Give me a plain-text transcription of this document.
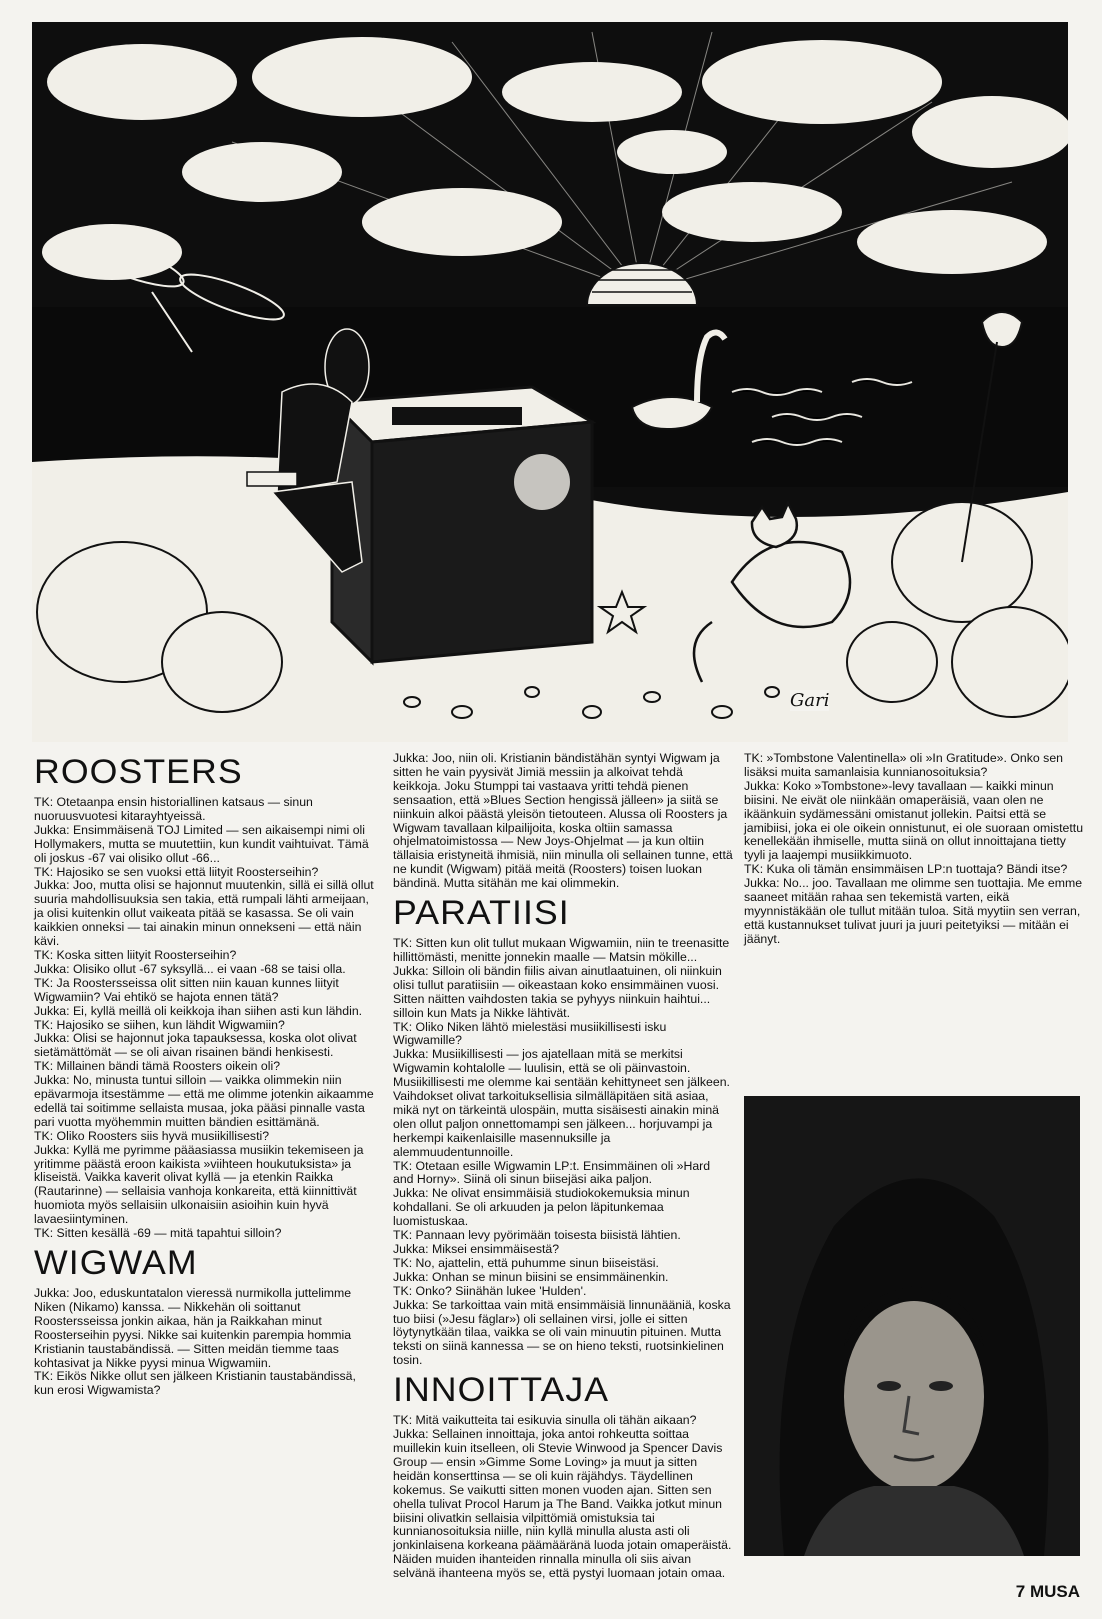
Gari
ROOSTERS

TK: Otetaanpa ensin historiallinen katsaus — sinun nuoruusvuotesi kitarayhtyeissä.

Jukka: Ensimmäisenä TOJ Limited — sen aikaisempi nimi oli Hollymakers, mutta se muutettiin, kun kundit vaihtuivat. Tämä oli joskus -67 vai olisiko ollut -66...

TK: Hajosiko se sen vuoksi että liityit Roosterseihin?

Jukka: Joo, mutta olisi se hajonnut muutenkin, sillä ei sillä ollut suuria mahdollisuuksia sen takia, että rumpali lähti armeijaan, ja olisi kuitenkin ollut vaikeata pitää se kasassa. Se oli vain kaikkien onneksi — tai ainakin minun onnekseni — että näin kävi.

TK: Koska sitten liityit Roosterseihin?

Jukka: Olisiko ollut -67 syksyllä... ei vaan -68 se taisi olla.

TK: Ja Roostersseissa olit sitten niin kauan kunnes liityit Wigwamiin? Vai ehtikö se hajota ennen tätä?

Jukka: Ei, kyllä meillä oli keikkoja ihan siihen asti kun lähdin.

TK: Hajosiko se siihen, kun lähdit Wigwamiin?

Jukka: Olisi se hajonnut joka tapauksessa, koska olot olivat sietämättömät — se oli aivan risainen bändi henkisesti.

TK: Millainen bändi tämä Roosters oikein oli?

Jukka: No, minusta tuntui silloin — vaikka olimmekin niin epävarmoja itsestämme — että me olimme jotenkin aikaamme edellä tai soitimme sellaista musaa, joka pääsi pinnalle vasta pari vuotta myöhemmin muitten bändien esittämänä.

TK: Oliko Roosters siis hyvä musiikillisesti?

Jukka: Kyllä me pyrimme pääasiassa musiikin tekemiseen ja yritimme päästä eroon kaikista »viihteen houkutuksista» ja kliseistä. Vaikka kaverit olivat kyllä — ja etenkin Raikka (Rautarinne) — sellaisia vanhoja konkareita, että kiinnittivät huomiota myös sellaisiin ulkonaisiin asioihin kuin hyvä lavaesiintyminen.

TK: Sitten kesällä -69 — mitä tapahtui silloin?

WIGWAM

Jukka: Joo, eduskuntatalon vieressä nurmikolla juttelimme Niken (Nikamo) kanssa. — Nikkehän oli soittanut Roostersseissa jonkin aikaa, hän ja Raikkahan minut Roosterseihin pyysi. Nikke sai kuitenkin parempia hommia Kristianin taustabändissä. — Sitten meidän tiemme taas kohtasivat ja Nikke pyysi minua Wigwamiin.

TK: Eikös Nikke ollut sen jälkeen Kristianin taustabändissä, kun erosi Wigwamista?

Jukka: Joo, niin oli. Kristianin bändistähän syntyi Wigwam ja sitten he vain pyysivät Jimiä messiin ja alkoivat tehdä keikkoja. Joku Stumppi tai vastaava yritti tehdä pienen sensaation, että »Blues Section hengissä jälleen» ja siitä se niinkuin alkoi päästä yleisön tietouteen. Alussa oli Roosters ja Wigwam tavallaan kilpailijoita, koska oltiin samassa ohjelmatoimistossa — New Joys-Ohjelmat — ja kun oltiin tällaisia eristyneitä ihmisiä, niin minulla oli sellainen tunne, että ne kundit (Wigwam) pitää meitä (Roosters) toisen luokan bändinä. Mutta sitähän me kai olimmekin.

PARATIISI

TK: Sitten kun olit tullut mukaan Wigwamiin, niin te treenasitte hillittömästi, menitte jonnekin maalle — Matsin mökille...

Jukka: Silloin oli bändin fiilis aivan ainutlaatuinen, oli niinkuin olisi tullut paratiisiin — oikeastaan koko ensimmäinen vuosi. Sitten näitten vaihdosten takia se pyhyys niinkuin haihtui... silloin kun Mats ja Nikke lähtivät.

TK: Oliko Niken lähtö mielestäsi musiikillisesti isku Wigwamille?

Jukka: Musiikillisesti — jos ajatellaan mitä se merkitsi Wigwamin kohtalolle — luulisin, että se oli päinvastoin. Musiikillisesti me olemme kai sentään kehittyneet sen jälkeen. Vaihdokset olivat tarkoituksellisia silmälläpitäen sitä asiaa, mikä nyt on tärkeintä ulospäin, mutta sisäisesti ainakin minä olen ollut paljon onnettomampi sen jälkeen... horjuvampi ja herkempi kaikenlaisille masennuksille ja alemmuudentunnoille.

TK: Otetaan esille Wigwamin LP:t. Ensimmäinen oli »Hard and Horny». Siinä oli sinun biisejäsi aika paljon.

Jukka: Ne olivat ensimmäisiä studiokokemuksia minun kohdallani. Se oli arkuuden ja pelon läpitunkemaa luomistuskaa.

TK: Pannaan levy pyörimään toisesta biisistä lähtien.

Jukka: Miksei ensimmäisestä?

TK: No, ajattelin, että puhumme sinun biiseistäsi.

Jukka: Onhan se minun biisini se ensimmäinenkin.

TK: Onko? Siinähän lukee 'Hulden'.

Jukka: Se tarkoittaa vain mitä ensimmäisiä linnunääniä, koska tuo biisi (»Jesu fäglar») oli sellainen virsi, jolle ei sitten löytynytkään tilaa, vaikka se oli vain minuutin pituinen. Mutta teksti on siinä kannessa — se on hieno teksti, ruotsinkielinen tosin.

INNOITTAJA

TK: Mitä vaikutteita tai esikuvia sinulla oli tähän aikaan?

Jukka: Sellainen innoittaja, joka antoi rohkeutta soittaa muillekin kuin itselleen, oli Stevie Winwood ja Spencer Davis Group — ensin »Gimme Some Loving» ja muut ja sitten heidän konserttinsa — se oli kuin räjähdys. Täydellinen kokemus. Se vaikutti sitten monen vuoden ajan. Sitten sen ohella tulivat Procol Harum ja The Band. Vaikka jotkut minun biisini olivatkin sellaisia vilpittömiä omistuksia tai kunnianosoituksia niille, niin kyllä minulla alusta asti oli jonkinlaisena korkeana päämääränä luoda jotain omaperäistä. Näiden muiden ihanteiden rinnalla minulla oli siis aivan selvänä ihanteena myös se, että pystyi luomaan jotain omaa.

TK: »Tombstone Valentinella» oli »In Gratitude». Onko sen lisäksi muita samanlaisia kunnianosoituksia?

Jukka: Koko »Tombstone»-levy tavallaan — kaikki minun biisini. Ne eivät ole niinkään omaperäisiä, vaan olen ne ikäänkuin sydämessäni omistanut jollekin. Paitsi että se jamibiisi, joka ei ole oikein onnistunut, ei ole suoraan omistettu kenellekään ihmiselle, mutta siinä on ollut innoittajana tietty tyyli ja laajempi musiikkimuoto.

TK: Kuka oli tämän ensimmäisen LP:n tuottaja? Bändi itse?

Jukka: No... joo. Tavallaan me olimme sen tuottajia. Me emme saaneet mitään rahaa sen tekemistä varten, eikä myynnistäkään ole tullut mitään tuloa. Sitä myytiin sen verran, että kustannukset tulivat juuri ja juuri peitetyiksi — mitään ei jäänyt.

7 MUSA
